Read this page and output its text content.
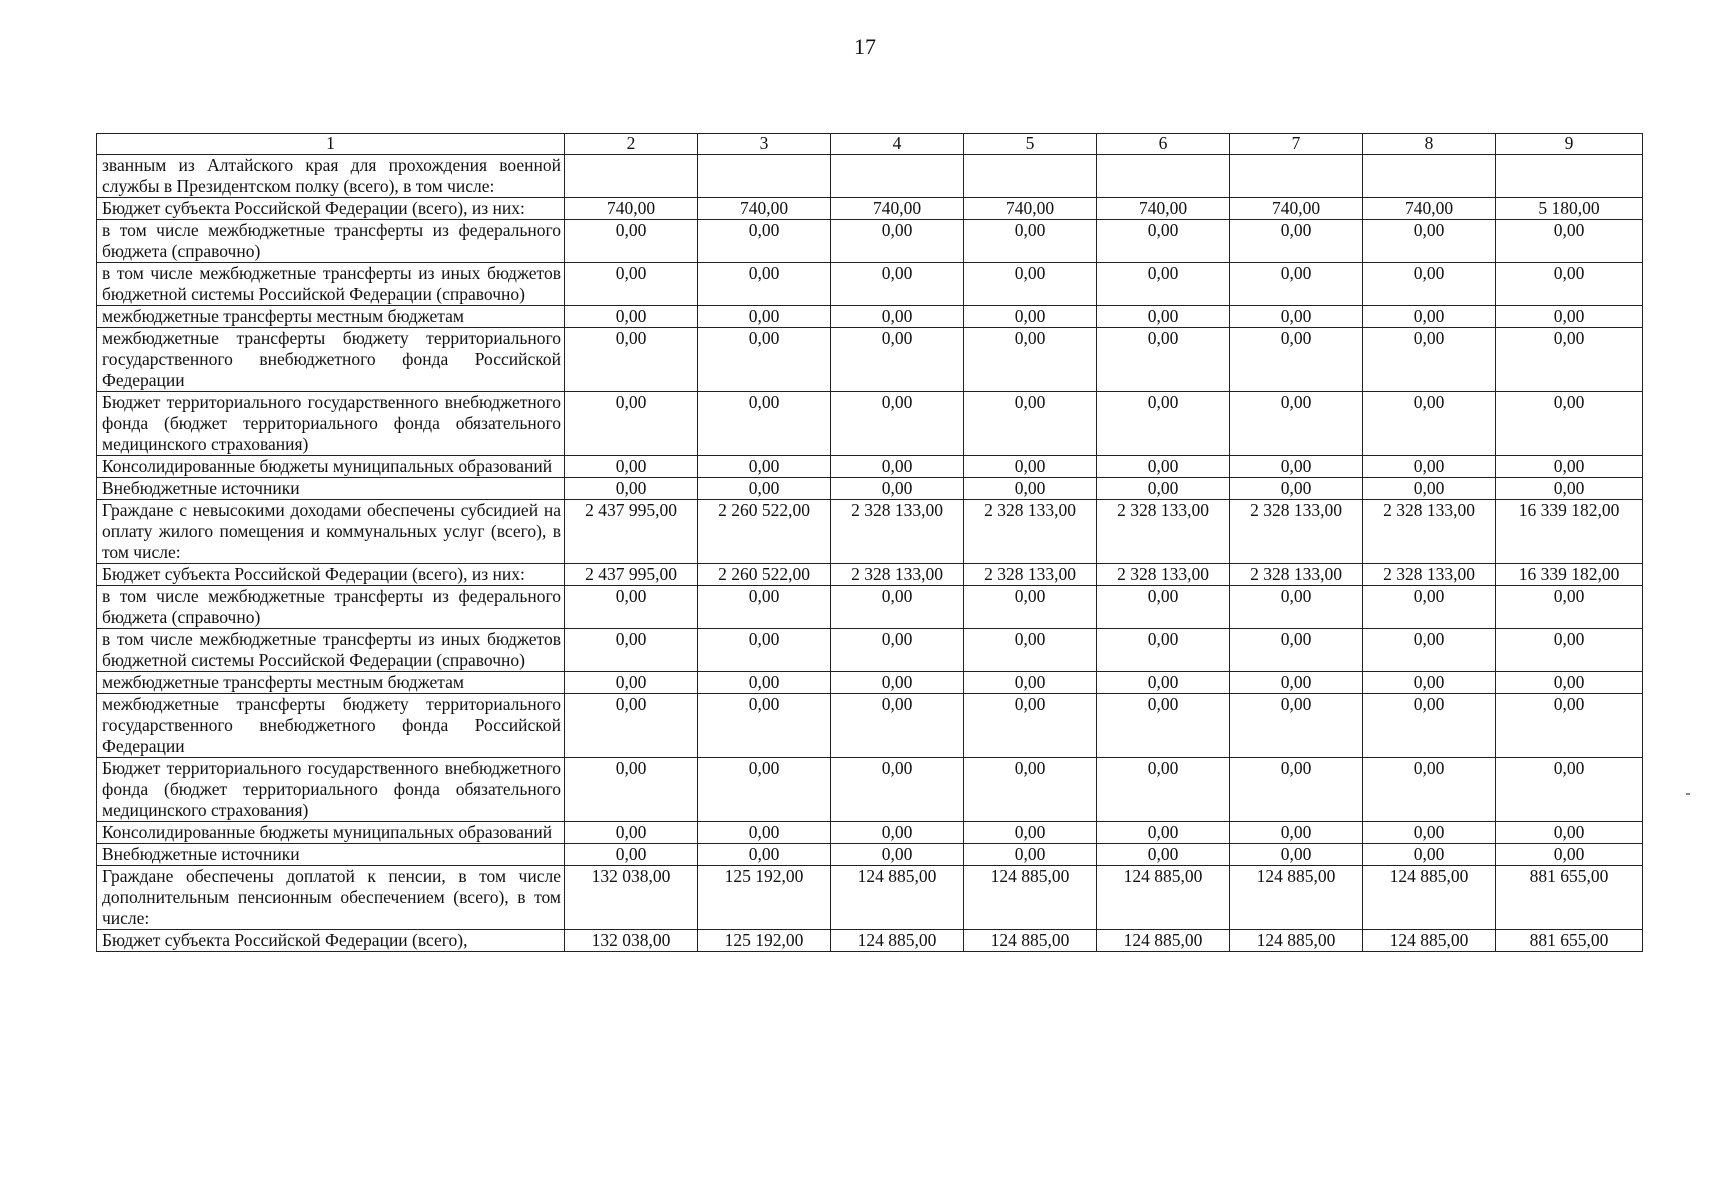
17
1	2	3	4	5	6	7	8	9
званным из Алтайского края для прохождения военной службы в Президентском полку (всего), в том числе:								
Бюджет субъекта Российской Федерации (всего), из них:	740,00	740,00	740,00	740,00	740,00	740,00	740,00	5 180,00
в том числе межбюджетные трансферты из федерального бюджета (справочно)	0,00	0,00	0,00	0,00	0,00	0,00	0,00	0,00
в том числе межбюджетные трансферты из иных бюджетов бюджетной системы Российской Федерации (справочно)	0,00	0,00	0,00	0,00	0,00	0,00	0,00	0,00
межбюджетные трансферты местным бюджетам	0,00	0,00	0,00	0,00	0,00	0,00	0,00	0,00
межбюджетные трансферты бюджету территориального государственного внебюджетного фонда Российской Федерации	0,00	0,00	0,00	0,00	0,00	0,00	0,00	0,00
Бюджет территориального государственного внебюджетного фонда (бюджет территориального фонда обязательного медицинского страхования)	0,00	0,00	0,00	0,00	0,00	0,00	0,00	0,00
Консолидированные бюджеты муниципальных образований	0,00	0,00	0,00	0,00	0,00	0,00	0,00	0,00
Внебюджетные источники	0,00	0,00	0,00	0,00	0,00	0,00	0,00	0,00
Граждане с невысокими доходами обеспечены субсидией на оплату жилого помещения и коммунальных услуг (всего), в том числе:	2 437 995,00	2 260 522,00	2 328 133,00	2 328 133,00	2 328 133,00	2 328 133,00	2 328 133,00	16 339 182,00
Бюджет субъекта Российской Федерации (всего), из них:	2 437 995,00	2 260 522,00	2 328 133,00	2 328 133,00	2 328 133,00	2 328 133,00	2 328 133,00	16 339 182,00
в том числе межбюджетные трансферты из федерального бюджета (справочно)	0,00	0,00	0,00	0,00	0,00	0,00	0,00	0,00
в том числе межбюджетные трансферты из иных бюджетов бюджетной системы Российской Федерации (справочно)	0,00	0,00	0,00	0,00	0,00	0,00	0,00	0,00
межбюджетные трансферты местным бюджетам	0,00	0,00	0,00	0,00	0,00	0,00	0,00	0,00
межбюджетные трансферты бюджету территориального государственного внебюджетного фонда Российской Федерации	0,00	0,00	0,00	0,00	0,00	0,00	0,00	0,00
Бюджет территориального государственного внебюджетного фонда (бюджет территориального фонда обязательного медицинского страхования)	0,00	0,00	0,00	0,00	0,00	0,00	0,00	0,00
Консолидированные бюджеты муниципальных образований	0,00	0,00	0,00	0,00	0,00	0,00	0,00	0,00
Внебюджетные источники	0,00	0,00	0,00	0,00	0,00	0,00	0,00	0,00
Граждане обеспечены доплатой к пенсии, в том числе дополнительным пенсионным обеспечением (всего), в том числе:	132 038,00	125 192,00	124 885,00	124 885,00	124 885,00	124 885,00	124 885,00	881 655,00
Бюджет субъекта Российской Федерации (всего),	132 038,00	125 192,00	124 885,00	124 885,00	124 885,00	124 885,00	124 885,00	881 655,00
